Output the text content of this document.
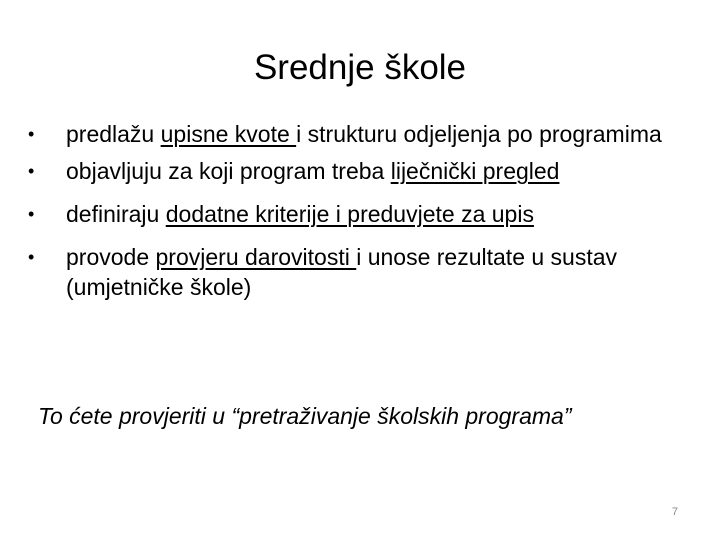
Srednje škole
•	predlažu upisne kvote i strukturu odjeljenja po programima
•	objavljuju za koji program treba liječnički pregled
•	definiraju dodatne kriterije i preduvjete za upis
•	provode provjeru darovitosti i unose rezultate u sustav (umjetničke škole)

To ćete provjeriti u “pretraživanje školskih programa”

7
